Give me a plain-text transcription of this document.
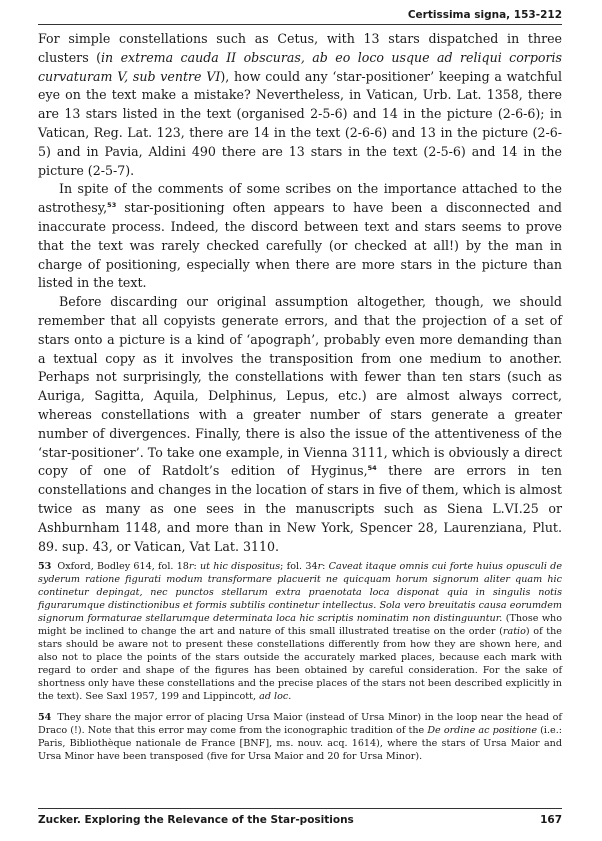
Certissima signa, 153-212

For simple constellations such as Cetus, with 13 stars dispatched in three clusters (in extrema cauda II obscuras, ab eo loco usque ad reliqui corporis curvaturam V, sub ventre VI), how could any ‘star-positioner’ keeping a watchful eye on the text make a mistake? Nevertheless, in Vatican, Urb. Lat. 1358, there are 13 stars listed in the text (organised 2-5-6) and 14 in the picture (2-6-6); in Vatican, Reg. Lat. 123, there are 14 in the text (2-6-6) and 13 in the picture (2-6-5) and in Pavia, Aldini 490 there are 13 stars in the text (2-5-6) and 14 in the picture (2-5-7).

In spite of the comments of some scribes on the importance attached to the astrothesy,$^{53}$ star-positioning often appears to have been a disconnected and inaccurate process. Indeed, the discord between text and stars seems to prove that the text was rarely checked carefully (or checked at all!) by the man in charge of positioning, especially when there are more stars in the picture than listed in the text.

Before discarding our original assumption altogether, though, we should remember that all copyists generate errors, and that the projection of a set of stars onto a picture is a kind of ‘apograph’, probably even more demanding than a textual copy as it involves the transposition from one medium to another. Perhaps not surprisingly, the constellations with fewer than ten stars (such as Auriga, Sagitta, Aquila, Delphinus, Lepus, etc.) are almost always correct, whereas constellations with a greater number of stars generate a greater number of divergences. Finally, there is also the issue of the attentiveness of the ‘star-positioner’. To take one example, in Vienna 3111, which is obviously a direct copy of one of Ratdolt’s edition of Hyginus,$^{54}$ there are errors in ten constellations and changes in the location of stars in five of them, which is almost twice as many as one sees in the manuscripts such as Siena L.VI.25 or Ashburnham 1148, and more than in New York, Spencer 28, Laurenziana, Plut. 89. sup. 43, or Vatican, Vat Lat. 3110.

53 Oxford, Bodley 614, fol. 18r: ut hic dispositus; fol. 34r: Caveat itaque omnis cui forte huius opusculi de syderum ratione figurati modum transformare placuerit ne quicquam horum signorum aliter quam hic continetur depingat, nec punctos stellarum extra praenotata loca disponat quia in singulis notis figurarumque distinctionibus et formis subtilis continetur intellectus. Sola vero breuitatis causa eorumdem signorum formaturae stellarumque determinata loca hic scriptis nominatim non distinguuntur. (Those who might be inclined to change the art and nature of this small illustrated treatise on the order (ratio) of the stars should be aware not to present these constellations differently from how they are shown here, and also not to place the points of the stars outside the accurately marked places, because each mark with regard to order and shape of the figures has been obtained by careful consideration. For the sake of shortness only have these constellations and the precise places of the stars not been described explicitly in the text). See Saxl 1957, 199 and Lippincott, ad loc.

54 They share the major error of placing Ursa Maior (instead of Ursa Minor) in the loop near the head of Draco (!). Note that this error may come from the iconographic tradition of the De ordine ac positione (i.e.: Paris, Bibliothèque nationale de France [BNF], ms. nouv. acq. 1614), where the stars of Ursa Maior and Ursa Minor have been transposed (five for Ursa Maior and 20 for Ursa Minor).

Zucker. Exploring the Relevance of the Star-positions	167
